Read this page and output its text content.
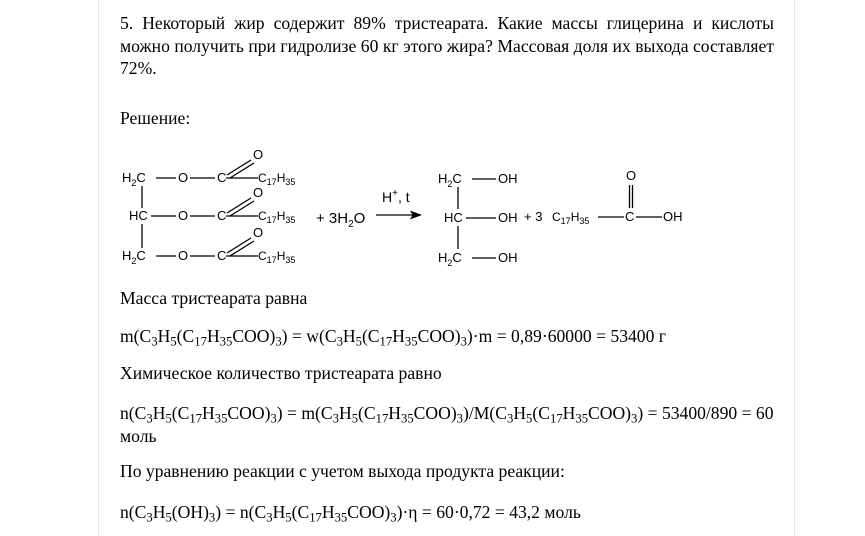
5. Некоторый жир содержит 89% тристеарата. Какие массы глицерина и кислоты можно получить при гидролизе 60 кг этого жира? Массовая доля их выхода составляет 72%.

Решение:

$H_2C$ O C
O
$C_{17}H_{35}$
HC O C
O
$C_{17}H_{35}$
$H_2C$ O C
O
$C_{17}H_{35}$
+ $3H_2O$
H+, t
$H_2C$	OH
HC	OH
$H_2C$	OH
+ 3 $C_{17}H_{35}$	C
O
OH

Масса тристеарата равна

$m(C_3H_5(C_{17}H_{35}COO)_3) = w(C_3H_5(C_{17}H_{35}COO)_3)\cdot m = 0,89\cdot 60000 = 53400$ г

Химическое количество тристеарата равно

$n(C_3H_5(C_{17}H_{35}COO)_3) = m(C_3H_5(C_{17}H_{35}COO)_3)/M(C_3H_5(C_{17}H_{35}COO)_3) = 53400/890 = 60$ моль

По уравнению реакции с учетом выхода продукта реакции:

$n(C_3H_5(OH)_3) = n(C_3H_5(C_{17}H_{35}COO)_3)\cdot\eta = 60\cdot 0,72 = 43,2$ моль
